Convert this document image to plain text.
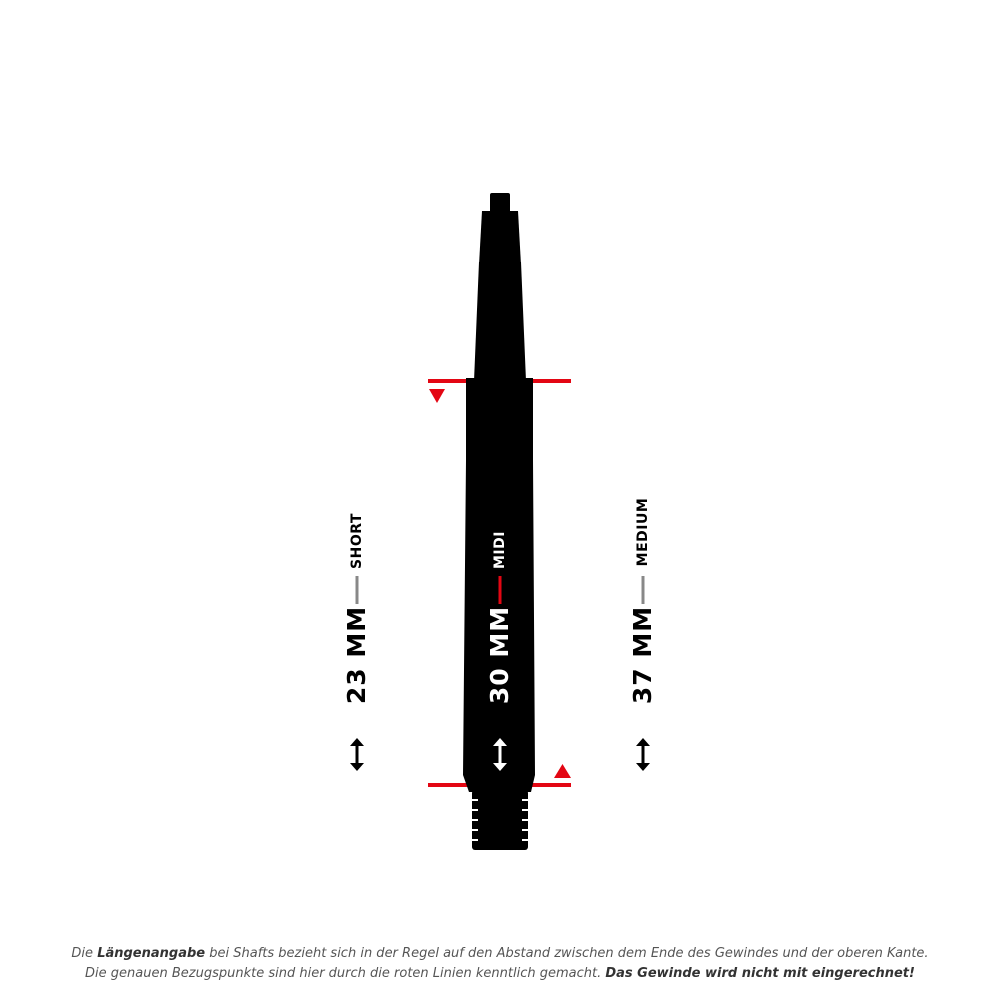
SHORT
23 MM
MIDI
30 MM
MEDIUM
37 MM
Die Längenangabe bei Shafts bezieht sich in der Regel auf den Abstand zwischen dem Ende des Gewindes und der oberen Kante.
Die genauen Bezugspunkte sind hier durch die roten Linien kenntlich gemacht. Das Gewinde wird nicht mit eingerechnet!
